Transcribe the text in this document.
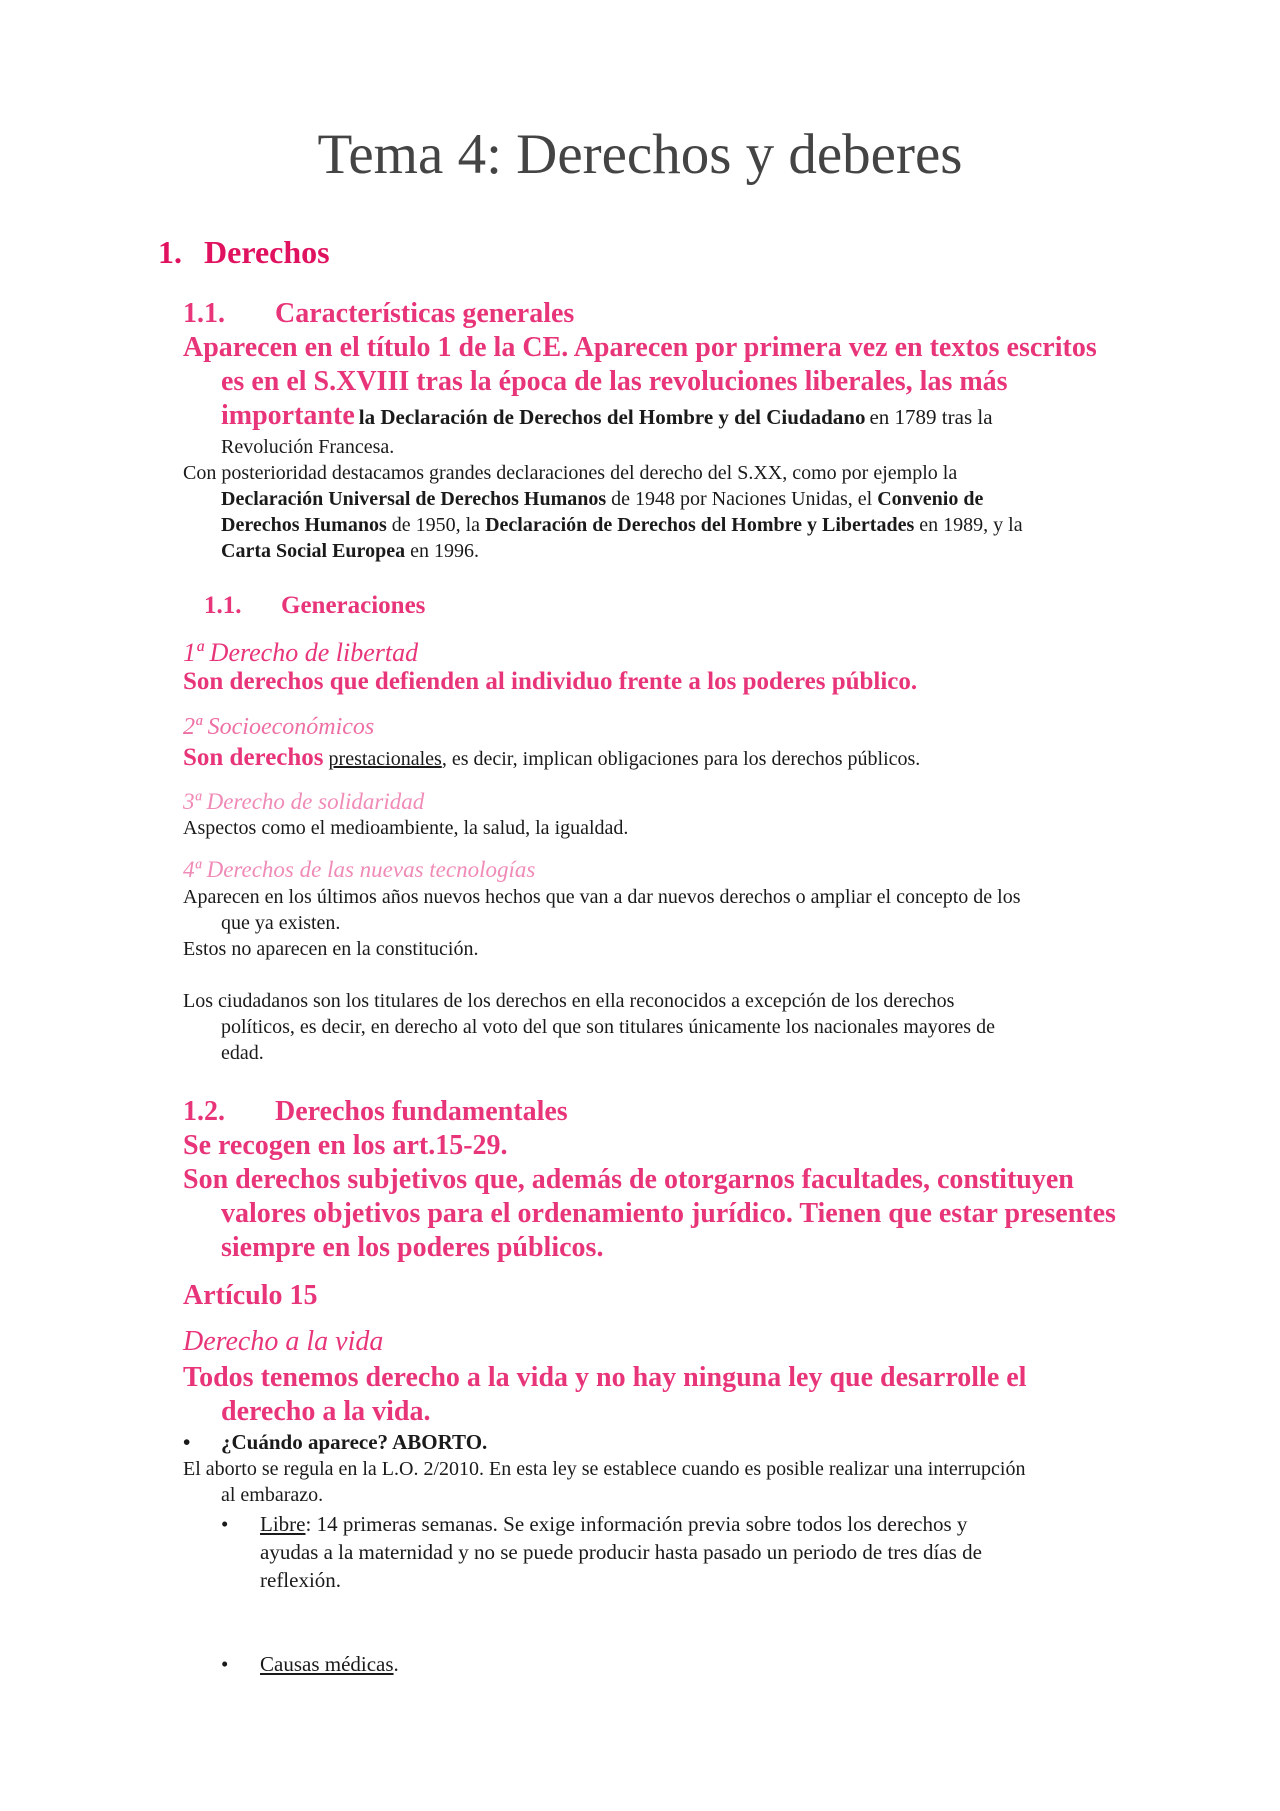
Tema 4: Derechos y deberes
1. Derechos
1.1. Características generales
Aparecen en el título 1 de la CE. Aparecen por primera vez en textos escritos
es en el S.XVIII tras la época de las revoluciones liberales, las más
importante la Declaración de Derechos del Hombre y del Ciudadano en 1789 tras la
Revolución Francesa.
Con posterioridad destacamos grandes declaraciones del derecho del S.XX, como por ejemplo la
Declaración Universal de Derechos Humanos de 1948 por Naciones Unidas, el Convenio de
Derechos Humanos de 1950, la Declaración de Derechos del Hombre y Libertades en 1989, y la
Carta Social Europea en 1996.
1.1. Generaciones
1ª Derecho de libertad
Son derechos que defienden al individuo frente a los poderes público.
2ª Socioeconómicos
Son derechos prestacionales, es decir, implican obligaciones para los derechos públicos.
3ª Derecho de solidaridad
Aspectos como el medioambiente, la salud, la igualdad.
4ª Derechos de las nuevas tecnologías
Aparecen en los últimos años nuevos hechos que van a dar nuevos derechos o ampliar el concepto de los
que ya existen.
Estos no aparecen en la constitución.
Los ciudadanos son los titulares de los derechos en ella reconocidos a excepción de los derechos
políticos, es decir, en derecho al voto del que son titulares únicamente los nacionales mayores de
edad.
1.2. Derechos fundamentales
Se recogen en los art.15-29.
Son derechos subjetivos que, además de otorgarnos facultades, constituyen
valores objetivos para el ordenamiento jurídico. Tienen que estar presentes
siempre en los poderes públicos.
Artículo 15
Derecho a la vida
Todos tenemos derecho a la vida y no hay ninguna ley que desarrolle el
derecho a la vida.
• ¿Cuándo aparece? ABORTO.
El aborto se regula en la L.O. 2/2010. En esta ley se establece cuando es posible realizar una interrupción
al embarazo.
• Libre: 14 primeras semanas. Se exige información previa sobre todos los derechos y
ayudas a la maternidad y no se puede producir hasta pasado un periodo de tres días de
reflexión.
• Causas médicas.
